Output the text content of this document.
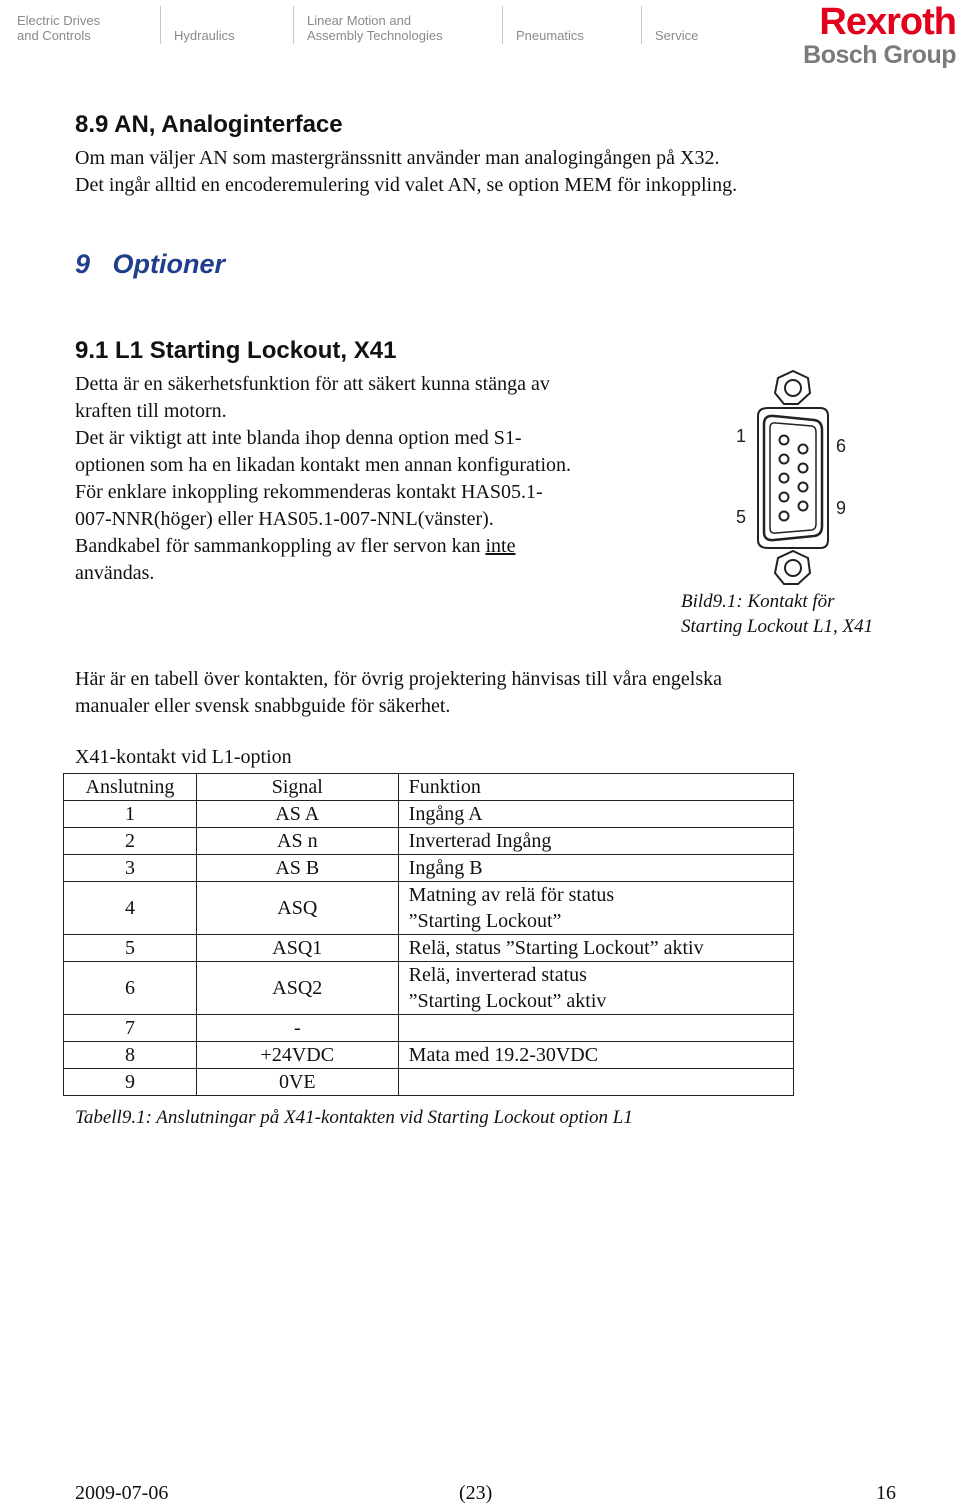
Electric Drives
and Controls	Hydraulics
Linear Motion and
Assembly Technologies	Pneumatics	Service	Rexroth
Bosch Group
8.9 AN, Analoginterface
Om man väljer AN som mastergränssnitt använder man analogingången på X32.
Det ingår alltid en encoderemulering vid valet AN, se option MEM för inkoppling.
9   Optioner
9.1 L1 Starting Lockout, X41
Detta är en säkerhetsfunktion för att säkert kunna stänga av
kraften till motorn.
Det är viktigt att inte blanda ihop denna option med S1-
optionen som ha en likadan kontakt men annan konfiguration.
För enklare inkoppling rekommenderas kontakt HAS05.1-
007-NNR(höger) eller HAS05.1-007-NNL(vänster).
Bandkabel för sammankoppling av fler servon kan inte
användas.
1	6
5	9
Bild9.1: Kontakt för
Starting Lockout L1, X41
Här är en tabell över kontakten, för övrig projektering hänvisas till våra engelska
manualer eller svensk snabbguide för säkerhet.
X41-kontakt vid L1-option
Anslutning	Signal	Funktion
1	AS A	Ingång A
2	AS n	Inverterad Ingång
3	AS B	Ingång B
4	ASQ	Matning av relä för status
”Starting Lockout”

5	ASQ1	Relä, status ”Starting Lockout” aktiv
6	ASQ2	Relä, inverterad status
”Starting Lockout” aktiv

7	-	
8	+24VDC	Mata med 19.2-30VDC
9	0VE	
Tabell9.1: Anslutningar på X41-kontakten vid Starting Lockout option L1
2009-07-06	(23)	16
